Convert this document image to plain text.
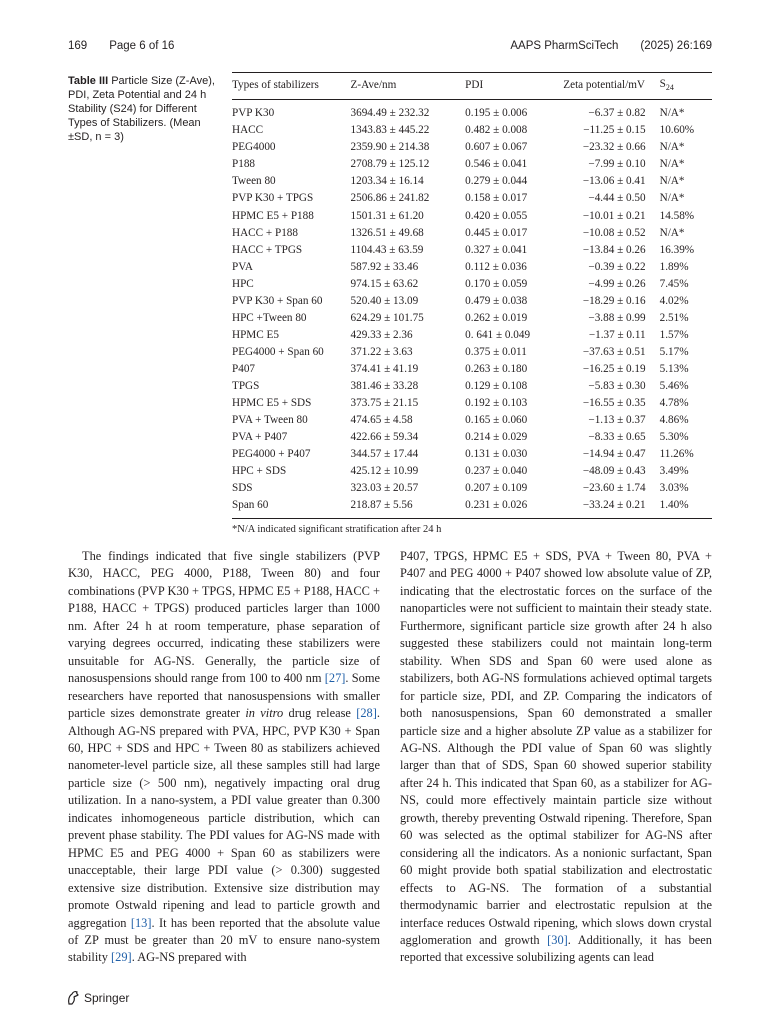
169 Page 6 of 16	AAPS PharmSciTech (2025) 26:169
Table III Particle Size (Z-Ave), PDI, Zeta Potential and 24 h Stability (S24) for Different Types of Stabilizers. (Mean ±SD, n = 3)
Types of stabilizers	Z-Ave/nm	PDI	Zeta potential/mV	$S_{24}$
PVP K30	3694.49 ± 232.32	0.195 ± 0.006	−6.37 ± 0.82	N/A*
HACC	1343.83 ± 445.22	0.482 ± 0.008	−11.25 ± 0.15	10.60%
PEG4000	2359.90 ± 214.38	0.607 ± 0.067	−23.32 ± 0.66	N/A*
P188	2708.79 ± 125.12	0.546 ± 0.041	−7.99 ± 0.10	N/A*
Tween 80	1203.34 ± 16.14	0.279 ± 0.044	−13.06 ± 0.41	N/A*
PVP K30 + TPGS	2506.86 ± 241.82	0.158 ± 0.017	−4.44 ± 0.50	N/A*
HPMC E5 + P188	1501.31 ± 61.20	0.420 ± 0.055	−10.01 ± 0.21	14.58%
HACC + P188	1326.51 ± 49.68	0.445 ± 0.017	−10.08 ± 0.52	N/A*
HACC + TPGS	1104.43 ± 63.59	0.327 ± 0.041	−13.84 ± 0.26	16.39%
PVA	587.92 ± 33.46	0.112 ± 0.036	−0.39 ± 0.22	1.89%
HPC	974.15 ± 63.62	0.170 ± 0.059	−4.99 ± 0.26	7.45%
PVP K30 + Span 60	520.40 ± 13.09	0.479 ± 0.038	−18.29 ± 0.16	4.02%
HPC +Tween 80	624.29 ± 101.75	0.262 ± 0.019	−3.88 ± 0.99	2.51%
HPMC E5	429.33 ± 2.36	0. 641 ± 0.049	−1.37 ± 0.11	1.57%
PEG4000 + Span 60	371.22 ± 3.63	0.375 ± 0.011	−37.63 ± 0.51	5.17%
P407	374.41 ± 41.19	0.263 ± 0.180	−16.25 ± 0.19	5.13%
TPGS	381.46 ± 33.28	0.129 ± 0.108	−5.83 ± 0.30	5.46%
HPMC E5 + SDS	373.75 ± 21.15	0.192 ± 0.103	−16.55 ± 0.35	4.78%
PVA + Tween 80	474.65 ± 4.58	0.165 ± 0.060	−1.13 ± 0.37	4.86%
PVA + P407	422.66 ± 59.34	0.214 ± 0.029	−8.33 ± 0.65	5.30%
PEG4000 + P407	344.57 ± 17.44	0.131 ± 0.030	−14.94 ± 0.47	11.26%
HPC + SDS	425.12 ± 10.99	0.237 ± 0.040	−48.09 ± 0.43	3.49%
SDS	323.03 ± 20.57	0.207 ± 0.109	−23.60 ± 1.74	3.03%
Span 60	218.87 ± 5.56	0.231 ± 0.026	−33.24 ± 0.21	1.40%
*N/A indicated significant stratification after 24 h

The findings indicated that five single stabilizers (PVP K30, HACC, PEG 4000, P188, Tween 80) and four combinations (PVP K30 + TPGS, HPMC E5 + P188, HACC + P188, HACC + TPGS) produced particles larger than 1000 nm. After 24 h at room temperature, phase separation of varying degrees occurred, indicating these stabilizers were unsuitable for AG-NS. Generally, the particle size of nanosuspensions should range from 100 to 400 nm [27]. Some researchers have reported that nanosuspensions with smaller particle sizes demonstrate greater in vitro drug release [28]. Although AG-NS prepared with PVA, HPC, PVP K30 + Span 60, HPC + SDS and HPC + Tween 80 as stabilizers achieved nanometer-level particle size, all these samples still had large particle size (> 500 nm), negatively impacting oral drug utilization. In a nano-system, a PDI value greater than 0.300 indicates inhomogeneous particle distribution, which can prevent phase stability. The PDI values for AG-NS made with HPMC E5 and PEG 4000 + Span 60 as stabilizers were unacceptable, their large PDI value (> 0.300) suggested extensive size distribution. Extensive size distribution may promote Ostwald ripening and lead to particle growth and aggregation [13]. It has been reported that the absolute value of ZP must be greater than 20 mV to ensure nano-system stability [29]. AG-NS prepared with

P407, TPGS, HPMC E5 + SDS, PVA + Tween 80, PVA + P407 and PEG 4000 + P407 showed low absolute value of ZP, indicating that the electrostatic forces on the surface of the nanoparticles were not sufficient to maintain their steady state. Furthermore, significant particle size growth after 24 h also suggested these stabilizers could not maintain long-term stability. When SDS and Span 60 were used alone as stabilizers, both AG-NS formulations achieved optimal targets for particle size, PDI, and ZP. Comparing the indicators of both nanosuspensions, Span 60 demonstrated a smaller particle size and a higher absolute ZP value as a stabilizer for AG-NS. Although the PDI value of Span 60 was slightly larger than that of SDS, Span 60 showed superior stability after 24 h. This indicated that Span 60, as a stabilizer for AG-NS, could more effectively maintain particle size without growth, thereby preventing Ostwald ripening. Therefore, Span 60 was selected as the optimal stabilizer for AG-NS after considering all the indicators. As a nonionic surfactant, Span 60 might provide both spatial stabilization and electrostatic effects to AG-NS. The formation of a substantial thermodynamic barrier and electrostatic repulsion at the interface reduces Ostwald ripening, which slows down crystal agglomeration and growth [30]. Additionally, it has been reported that excessive solubilizing agents can lead

Springer
